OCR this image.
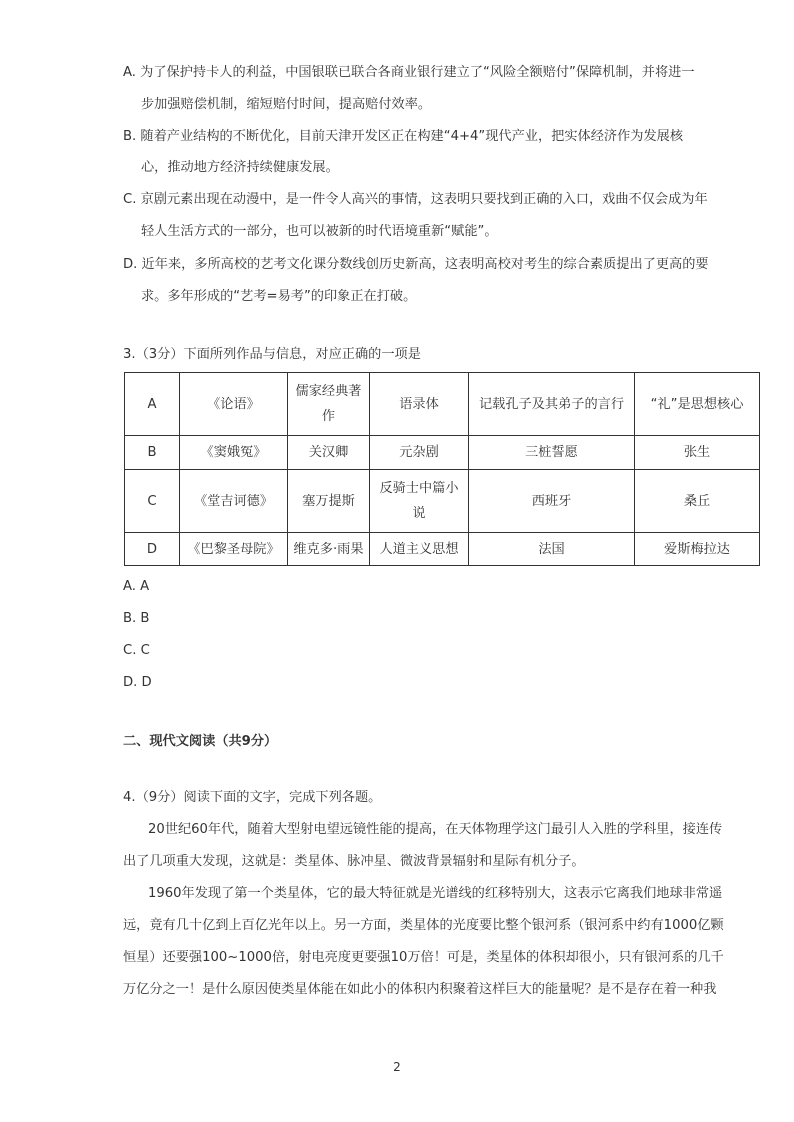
A. 为了保护持卡人的利益，中国银联已联合各商业银行建立了“风险全额赔付”保障机制，并将进一
步加强赔偿机制，缩短赔付时间，提高赔付效率。
B. 随着产业结构的不断优化，目前天津开发区正在构建“4+4”现代产业，把实体经济作为发展核
心，推动地方经济持续健康发展。
C. 京剧元素出现在动漫中，是一件令人高兴的事情，这表明只要找到正确的入口，戏曲不仅会成为年
轻人生活方式的一部分，也可以被新的时代语境重新“赋能”。
D. 近年来，多所高校的艺考文化课分数线创历史新高，这表明高校对考生的综合素质提出了更高的要
求。多年形成的“艺考=易考”的印象正在打破。
3.（3分）下面所列作品与信息，对应正确的一项是
A	《论语》	儒家经典著作	语录体	记载孔子及其弟子的言行	“礼”是思想核心
B	《窦娥冤》	关汉卿	元杂剧	三桩誓愿	张生
C	《堂吉诃德》	塞万提斯	反骑士中篇小说	西班牙	桑丘
D	《巴黎圣母院》	维克多·雨果	人道主义思想	法国	爱斯梅拉达
A. A
B. B
C. C
D. D
二、现代文阅读（共9分）
4.（9分）阅读下面的文字，完成下列各题。
20世纪60年代，随着大型射电望远镜性能的提高，在天体物理学这门最引人入胜的学科里，接连传
出了几项重大发现，这就是：类星体、脉冲星、微波背景辐射和星际有机分子。
1960年发现了第一个类星体，它的最大特征就是光谱线的红移特别大，这表示它离我们地球非常遥
远，竟有几十亿到上百亿光年以上。另一方面，类星体的光度要比整个银河系（银河系中约有1000亿颗
恒星）还要强100~1000倍，射电亮度更要强10万倍！可是，类星体的体积却很小，只有银河系的几千
万亿分之一！是什么原因使类星体能在如此小的体积内积聚着这样巨大的能量呢？是不是存在着一种我
2
